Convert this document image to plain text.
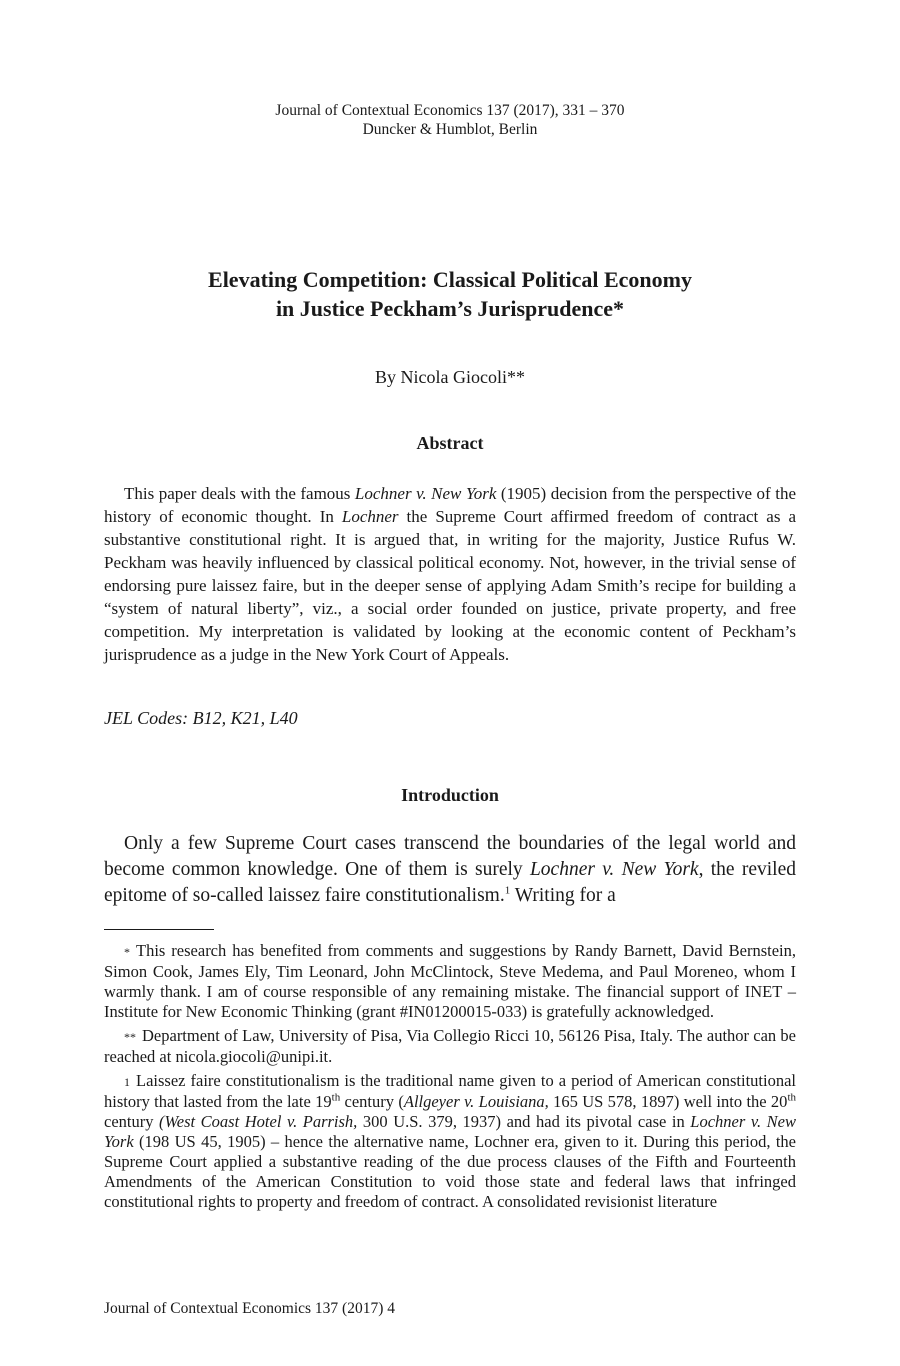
Journal of Contextual Economics 137 (2017), 331 – 370
Duncker & Humblot, Berlin
Elevating Competition: Classical Political Economy
in Justice Peckham’s Jurisprudence*
By Nicola Giocoli**
Abstract

This paper deals with the famous Lochner v. New York (1905) decision from the perspective of the history of economic thought. In Lochner the Supreme Court affirmed freedom of contract as a substantive constitutional right. It is argued that, in writing for the majority, Justice Rufus W. Peckham was heavily influenced by classical political economy. Not, however, in the trivial sense of endorsing pure laissez faire, but in the deeper sense of applying Adam Smith’s recipe for building a “system of natural liberty”, viz., a social order founded on justice, private property, and free competition. My interpretation is validated by looking at the economic content of Peckham’s jurisprudence as a judge in the New York Court of Appeals.

JEL Codes: B12, K21, L40
Introduction

Only a few Supreme Court cases transcend the boundaries of the legal world and become common knowledge. One of them is surely Lochner v. New York, the reviled epitome of so-called laissez faire constitutionalism.$^1$ Writing for a

* This research has benefited from comments and suggestions by Randy Barnett, David Bernstein, Simon Cook, James Ely, Tim Leonard, John McClintock, Steve Medema, and Paul Moreneo, whom I warmly thank. I am of course responsible of any remaining mistake. The financial support of INET – Institute for New Economic Thinking (grant #IN01200015-033) is gratefully acknowledged.

** Department of Law, University of Pisa, Via Collegio Ricci 10, 56126 Pisa, Italy. The author can be reached at nicola.giocoli@unipi.it.

1 Laissez faire constitutionalism is the traditional name given to a period of American constitutional history that lasted from the late 19th century (Allgeyer v. Louisiana, 165 US 578, 1897) well into the 20th century (West Coast Hotel v. Parrish, 300 U.S. 379, 1937) and had its pivotal case in Lochner v. New York (198 US 45, 1905) – hence the alternative name, Lochner era, given to it. During this period, the Supreme Court applied a substantive reading of the due process clauses of the Fifth and Fourteenth Amendments of the American Constitution to void those state and federal laws that infringed constitutional rights to property and freedom of contract. A consolidated revisionist literature

Journal of Contextual Economics 137 (2017) 4
